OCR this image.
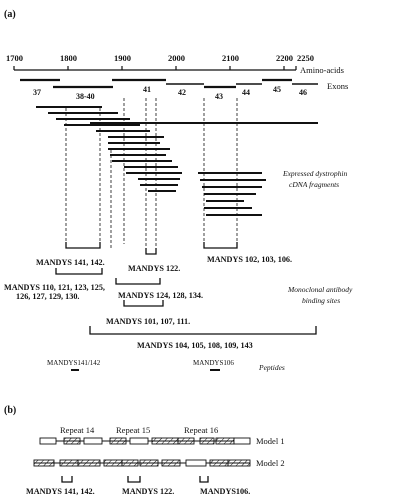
(a)
1700	1800	1900	2000	2100	2200 2250
Amino-acids
37	38-40
41	42	43 44	45 46
Exons
Expressed dystrophin
cDNA fragments
MANDYS 141, 142.
MANDYS 122.
MANDYS 102, 103, 106.
MANDYS 110, 121, 123, 125,
126, 127, 129, 130.	MANDYS 124, 128, 134.
MANDYS 101, 107, 111.
MANDYS 104, 105, 108, 109, 143
Monoclonal antibody
binding sites
MANDYS141/142	MANDYS106	Peptides
(b)
Repeat 14	Repeat 15	Repeat 16
Model 1
Model 2
MANDYS 141, 142.	MANDYS 122.	MANDYS106.
